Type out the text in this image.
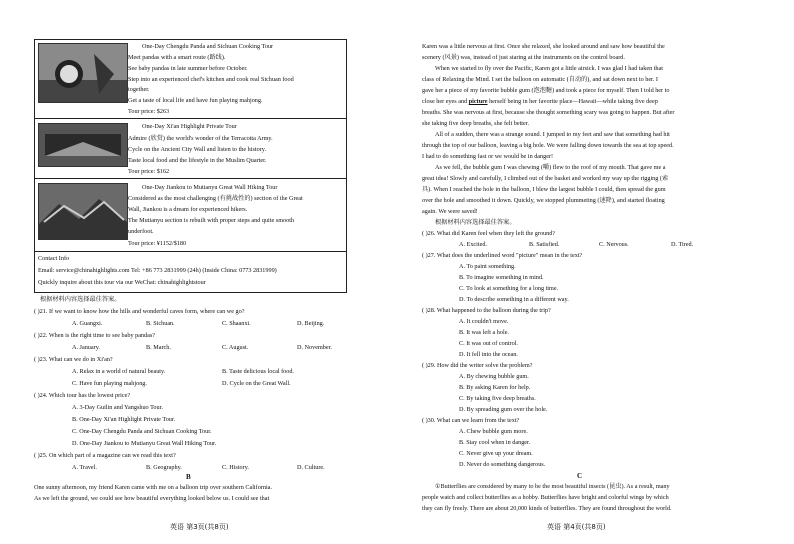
One-Day Chengdu Panda and Sichuan Cooking Tour
Meet pandas with a smart route (路线).
See baby pandas in late summer before October.
Step into an experienced chef's kitchen and cook real Sichuan food
together.
Get a taste of local life and have fun playing mahjong.
Tour price: $263
One-Day Xi'an Highlight Private Tour
Admire (欣赏) the world's wonder of the Terracotta Army.
Cycle on the Ancient City Wall and listen to the history.
Taste local food and the lifestyle in the Muslim Quarter.
Tour price: $162
One-Day Jiankou to Mutianyu Great Wall Hiking Tour
Considered as the most challenging (有挑战性的) section of the Great
Wall, Jiankou is a dream for experienced hikers.
The Mutianyu section is rebuilt with proper steps and quite smooth
underfoot.
Tour price: ¥1152/$180
Contact Info
Email: service@chinahighlights.com Tel: +86 773 2831999 (24h) (Inside China: 0773 2831999)
Quickly inquire about this tour via our WeChat: chinahighlightstour
根据材料内容选择最佳答案。
( )21. If we want to know how the hills and wonderful caves form, where can we go?
A. Guangxi.	B. Sichuan.	C. Shaanxi.	D. Beijing.
( )22. When is the right time to see baby pandas?
A. January.	B. March.	C. August.	D. November.
( )23. What can we do in Xi'an?
A. Relax in a world of natural beauty.	B. Taste delicious local food.
C. Have fun playing mahjong.	D. Cycle on the Great Wall.
( )24. Which tour has the lowest price?
A. 3-Day Guilin and Yangshuo Tour.
B. One-Day Xi'an Highlight Private Tour.
C. One-Day Chengdu Panda and Sichuan Cooking Tour.
D. One-Day Jiankou to Mutianyu Great Wall Hiking Tour.
( )25. On which part of a magazine can we read this text?
A. Travel.	B. Geography.	C. History.	D. Culture.
B
One sunny afternoon, my friend Karen came with me on a balloon trip over southern California.
As we left the ground, we could see how beautiful everything looked below us. I could see that
英语 第3页(共8页)
Karen was a little nervous at first. Once she relaxed, she looked around and saw how beautiful the
scenery (风景) was, instead of just staring at the instruments on the control board.
When we started to fly over the Pacific, Karen got a little airsick. I was glad I had taken that
class of Relaxing the Mind. I set the balloon on automatic (自动的), and sat down next to her. I
gave her a piece of my favorite bubble gum (泡泡糖) and took a piece for myself. Then I told her to
close her eyes and picture herself being in her favorite place—Hawaii—while taking five deep
breaths. She was nervous at first, because she thought something scary was going to happen. But after
she taking five deep breaths, she felt better.
All of a sudden, there was a strange sound. I jumped to my feet and saw that something had hit
through the top of our balloon, leaving a big hole. We were falling down towards the sea at top speed.
I had to do something fast or we would be in danger!
As we fell, the bubble gum I was chewing (嚼) flew to the roof of my mouth. That gave me a
great idea! Slowly and carefully, I climbed out of the basket and worked my way up the rigging (索
具). When I reached the hole in the balloon, I blew the largest bubble I could, then spread the gum
over the hole and smoothed it down. Quickly, we stopped plummeting (速降), and started floating
again. We were saved!
根据材料内容选择最佳答案。
( )26. What did Karen feel when they left the ground?
A. Excited.	B. Satisfied.	C. Nervous.	D. Tired.
( )27. What does the underlined word "picture" mean in the text?
A. To paint something.
B. To imagine something in mind.
C. To look at something for a long time.
D. To describe something in a different way.
( )28. What happened to the balloon during the trip?
A. It couldn't move.
B. It was left a hole.
C. It was out of control.
D. It fell into the ocean.
( )29. How did the writer solve the problem?
A. By chewing bubble gum.
B. By asking Karen for help.
C. By taking five deep breaths.
D. By spreading gum over the hole.
( )30. What can we learn from the text?
A. Chew bubble gum more.
B. Stay cool when in danger.
C. Never give up your dream.
D. Never do something dangerous.
C
①Butterflies are considered by many to be the most beautiful insects (昆虫). As a result, many
people watch and collect butterflies as a hobby. Butterflies have bright and colorful wings by which
they can fly freely. There are about 20,000 kinds of butterflies. They are found throughout the world.
英语 第4页(共8页)
